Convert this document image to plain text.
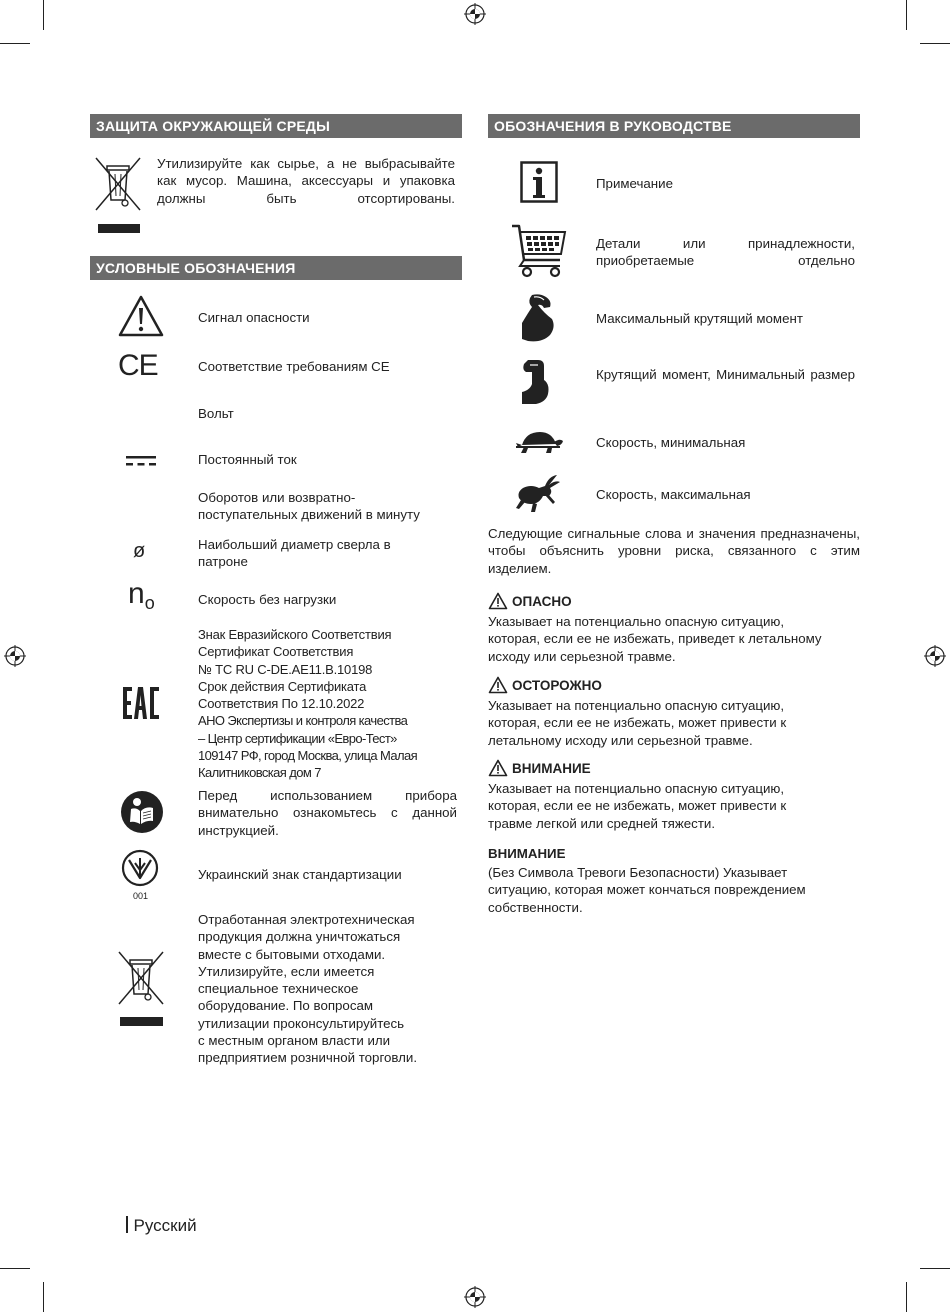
ЗАЩИТА ОКРУЖАЮЩЕЙ СРЕДЫ
Утилизируйте как сырье, а не выбрасывайте как мусор. Машина, аксессуары и упаковка должны быть отсортированы.
УСЛОВНЫЕ ОБОЗНАЧЕНИЯ
Сигнал опасности
CE	Соответствие требованиям CE
Вольт
Постоянный ток
Оборотов или возвратно-поступательных движений в минуту
ø	Наибольший диаметр сверла в патроне
$n_o$	Скорость без нагрузки
Знак Евразийского Соответствия
Сертификат Соответствия
№ ТС RU C-DE.AE11.B.10198
Срок действия Сертификата
Соответствия По 12.10.2022
АНО Экспертизы и контроля качества
– Центр сертификации «Евро-Тест»
109147 РФ, город Москва, улица Малая
Калитниковская дом 7
Перед использованием прибора внимательно ознакомьтесь с данной инструкцией.
001
Украинский знак стандартизации
Отработанная электротехническая
продукция должна уничтожаться
вместе с бытовыми отходами.
Утилизируйте, если имеется
специальное техническое
оборудование. По вопросам
утилизации проконсультируйтесь
с местным органом власти или
предприятием розничной торговли.
ОБОЗНАЧЕНИЯ В РУКОВОДСТВЕ
Примечание
Детали или принадлежности, приобретаемые отдельно
Максимальный крутящий момент
Крутящий момент, Минимальный размер
Скорость, минимальная
Скорость, максимальная
Следующие сигнальные слова и значения предназначены, чтобы объяснить уровни риска, связанного с этим изделием.
ОПАСНО
Указывает на потенциально опасную ситуацию,
которая, если ее не избежать, приведет к летальному
исходу или серьезной травме.
ОСТОРОЖНО
Указывает на потенциально опасную ситуацию,
которая, если ее не избежать, может привести к
летальному исходу или серьезной травме.
ВНИМАНИЕ
Указывает на потенциально опасную ситуацию,
которая, если ее не избежать, может привести к
травме легкой или средней тяжести.
ВНИМАНИЕ
(Без Символа Тревоги Безопасности) Указывает
ситуацию, которая может кончаться повреждением
собственности.
Русский
